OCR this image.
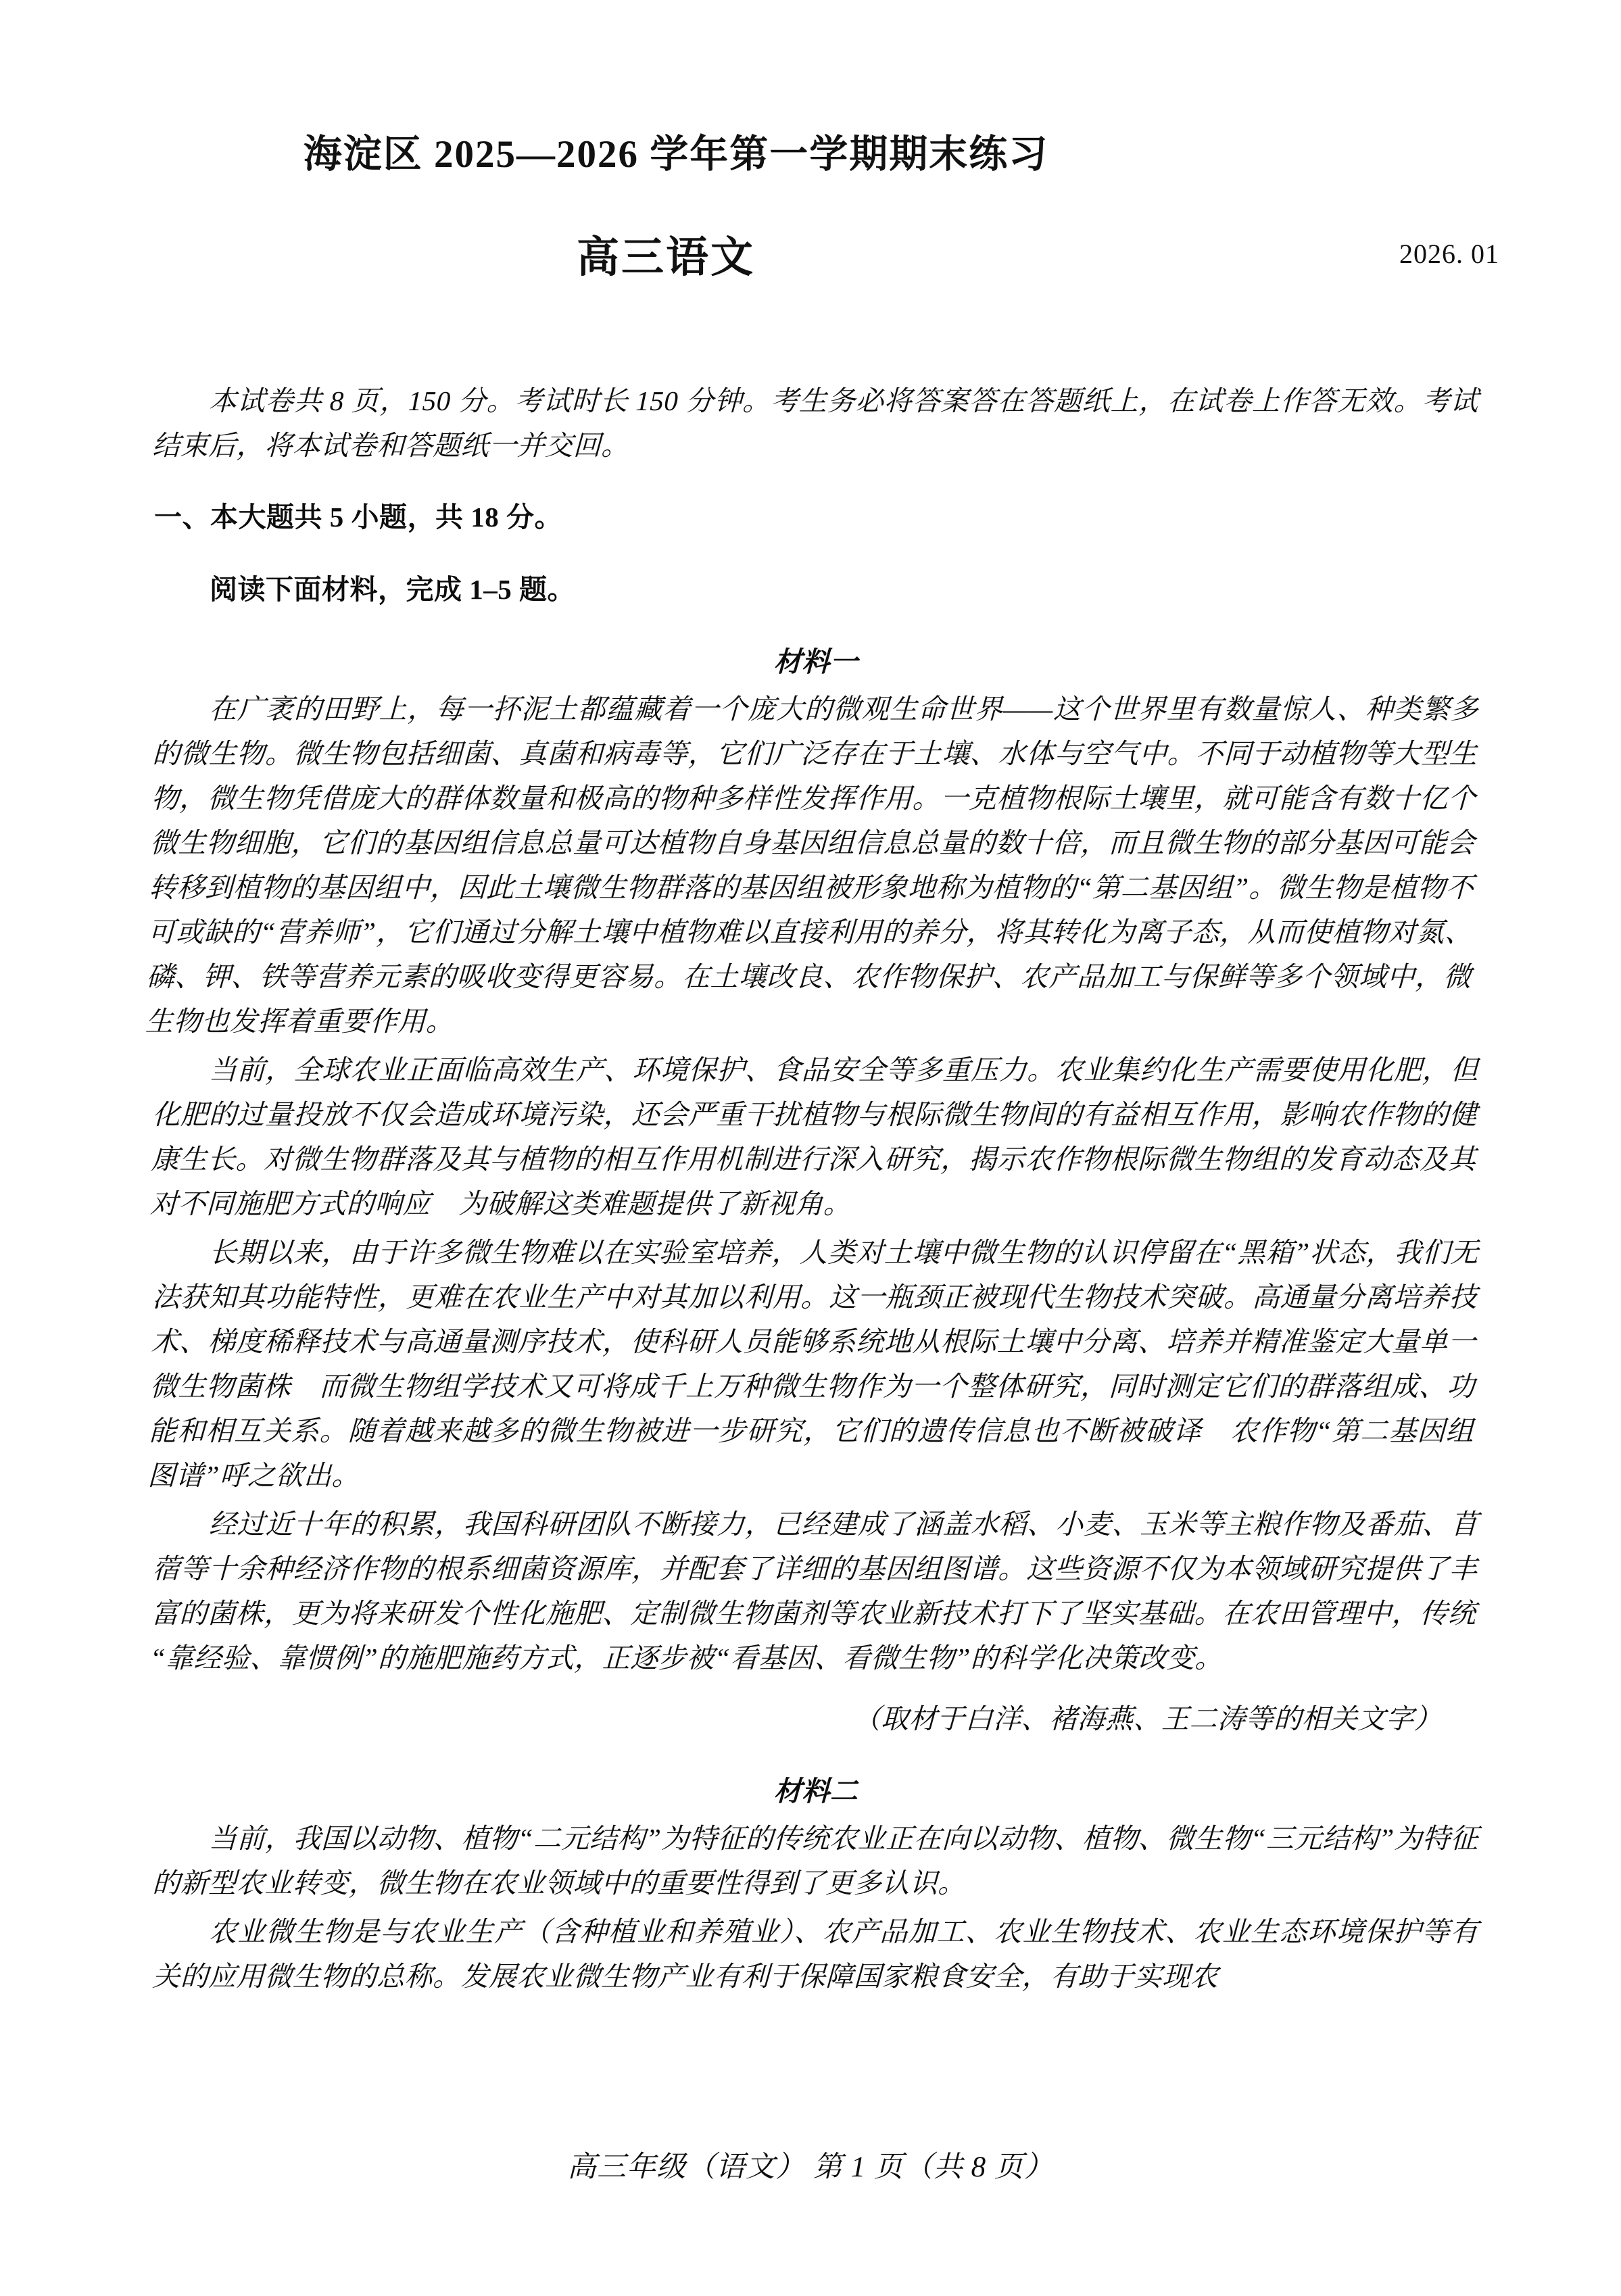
海淀区 2025—2026 学年第一学期期末练习
高三语文	2026. 01

本试卷共 8 页，150 分。考试时长 150 分钟。考生务必将答案答在答题纸上，在试卷上作答无效。考试结束后，将本试卷和答题纸一并交回。

一、本大题共 5 小题，共 18 分。

阅读下面材料，完成 1–5 题。

材料一

在广袤的田野上，每一抔泥土都蕴藏着一个庞大的微观生命世界——这个世界里有数量惊人、种类繁多的微生物。微生物包括细菌、真菌和病毒等，它们广泛存在于土壤、水体与空气中。不同于动植物等大型生物，微生物凭借庞大的群体数量和极高的物种多样性发挥作用。一克植物根际土壤里，就可能含有数十亿个微生物细胞，它们的基因组信息总量可达植物自身基因组信息总量的数十倍，而且微生物的部分基因可能会转移到植物的基因组中，因此土壤微生物群落的基因组被形象地称为植物的“第二基因组”。微生物是植物不可或缺的“营养师”，它们通过分解土壤中植物难以直接利用的养分，将其转化为离子态，从而使植物对氮、磷、钾、铁等营养元素的吸收变得更容易。在土壤改良、农作物保护、农产品加工与保鲜等多个领域中，微生物也发挥着重要作用。

当前，全球农业正面临高效生产、环境保护、食品安全等多重压力。农业集约化生产需要使用化肥，但化肥的过量投放不仅会造成环境污染，还会严重干扰植物与根际微生物间的有益相互作用，影响农作物的健康生长。对微生物群落及其与植物的相互作用机制进行深入研究，揭示农作物根际微生物组的发育动态及其对不同施肥方式的响应　为破解这类难题提供了新视角。

长期以来，由于许多微生物难以在实验室培养，人类对土壤中微生物的认识停留在“黑箱”状态，我们无法获知其功能特性，更难在农业生产中对其加以利用。这一瓶颈正被现代生物技术突破。高通量分离培养技术、梯度稀释技术与高通量测序技术，使科研人员能够系统地从根际土壤中分离、培养并精准鉴定大量单一微生物菌株　而微生物组学技术又可将成千上万种微生物作为一个整体研究，同时测定它们的群落组成、功能和相互关系。随着越来越多的微生物被进一步研究，它们的遗传信息也不断被破译　农作物“第二基因组图谱”呼之欲出。

经过近十年的积累，我国科研团队不断接力，已经建成了涵盖水稻、小麦、玉米等主粮作物及番茄、苜蓿等十余种经济作物的根系细菌资源库，并配套了详细的基因组图谱。这些资源不仅为本领域研究提供了丰富的菌株，更为将来研发个性化施肥、定制微生物菌剂等农业新技术打下了坚实基础。在农田管理中，传统“靠经验、靠惯例”的施肥施药方式，正逐步被“看基因、看微生物”的科学化决策改变。

（取材于白洋、褚海燕、王二涛等的相关文字）

材料二

当前，我国以动物、植物“二元结构”为特征的传统农业正在向以动物、植物、微生物“三元结构”为特征的新型农业转变，微生物在农业领域中的重要性得到了更多认识。

农业微生物是与农业生产（含种植业和养殖业）、农产品加工、农业生物技术、农业生态环境保护等有关的应用微生物的总称。发展农业微生物产业有利于保障国家粮食安全，有助于实现农

高三年级（语文） 第 1 页（共 8 页）
